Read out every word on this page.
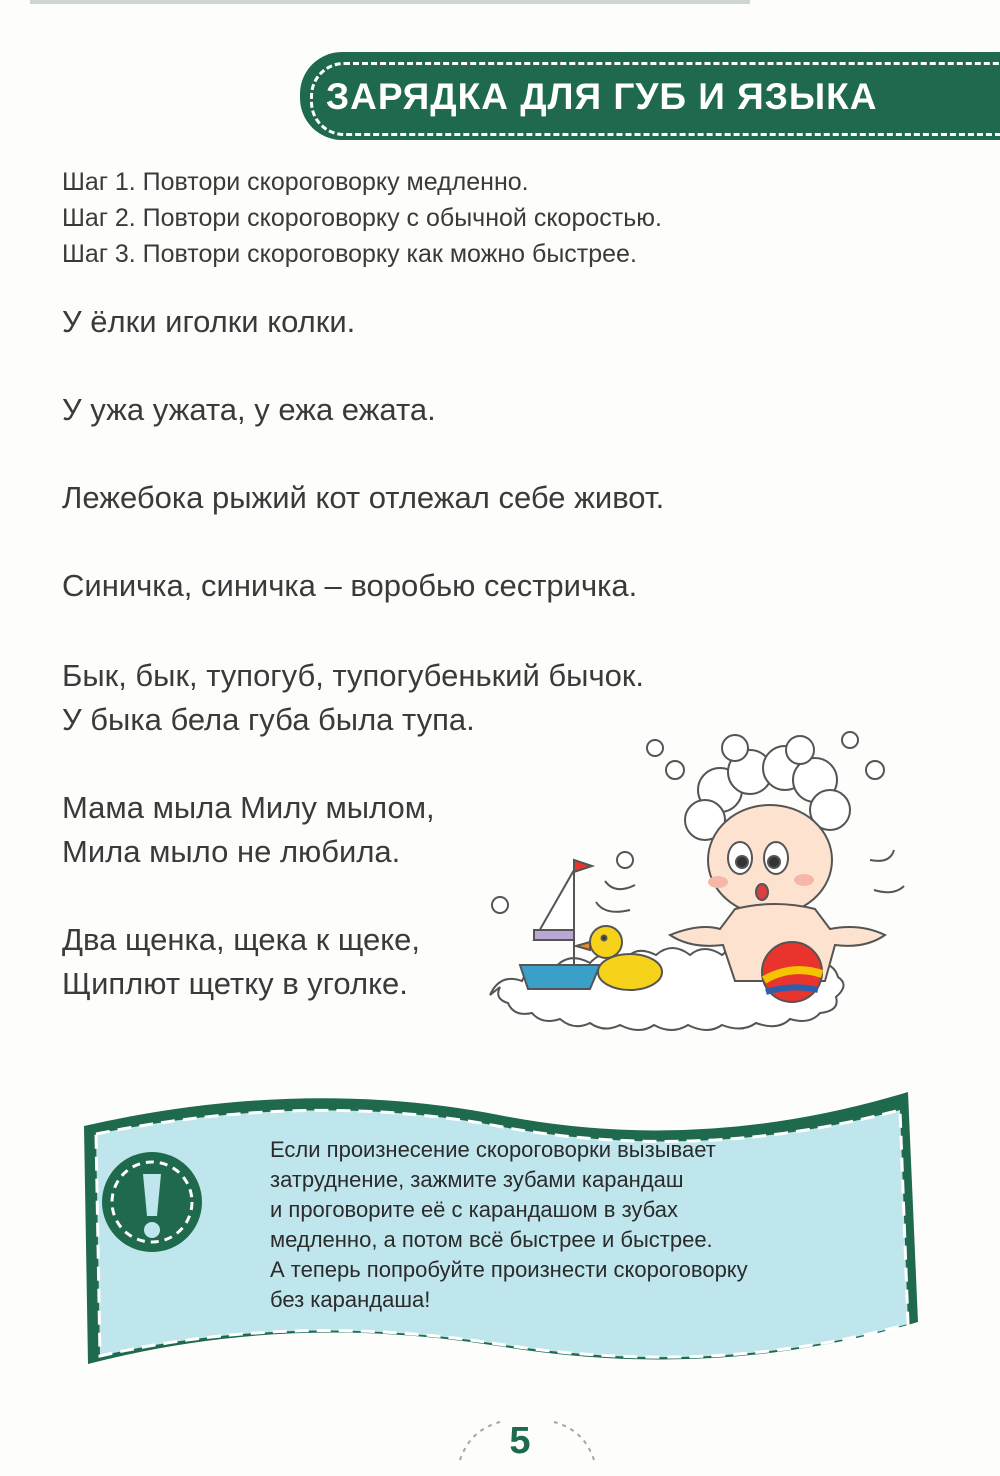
ЗАРЯДКА ДЛЯ ГУБ И ЯЗЫКА
Шаг 1. Повтори скороговорку медленно.
Шаг 2. Повтори скороговорку с обычной скоростью.
Шаг 3. Повтори скороговорку как можно быстрее.
У ёлки иголки колки.
У ужа ужата, у ежа ежата.
Лежебока рыжий кот отлежал себе живот.
Синичка, синичка – воробью сестричка.
Бык, бык, тупогуб, тупогубенький бычок.
У быка бела губа была тупа.
Мама мыла Милу мылом,
Мила мыло не любила.
Два щенка, щека к щеке,
Щиплют щетку в уголке.
Если произнесение скороговорки вызывает
затруднение, зажмите зубами карандаш
и проговорите её с карандашом в зубах
медленно, а потом всё быстрее и быстрее.
А теперь попробуйте произнести скороговорку
без карандаша!
5
